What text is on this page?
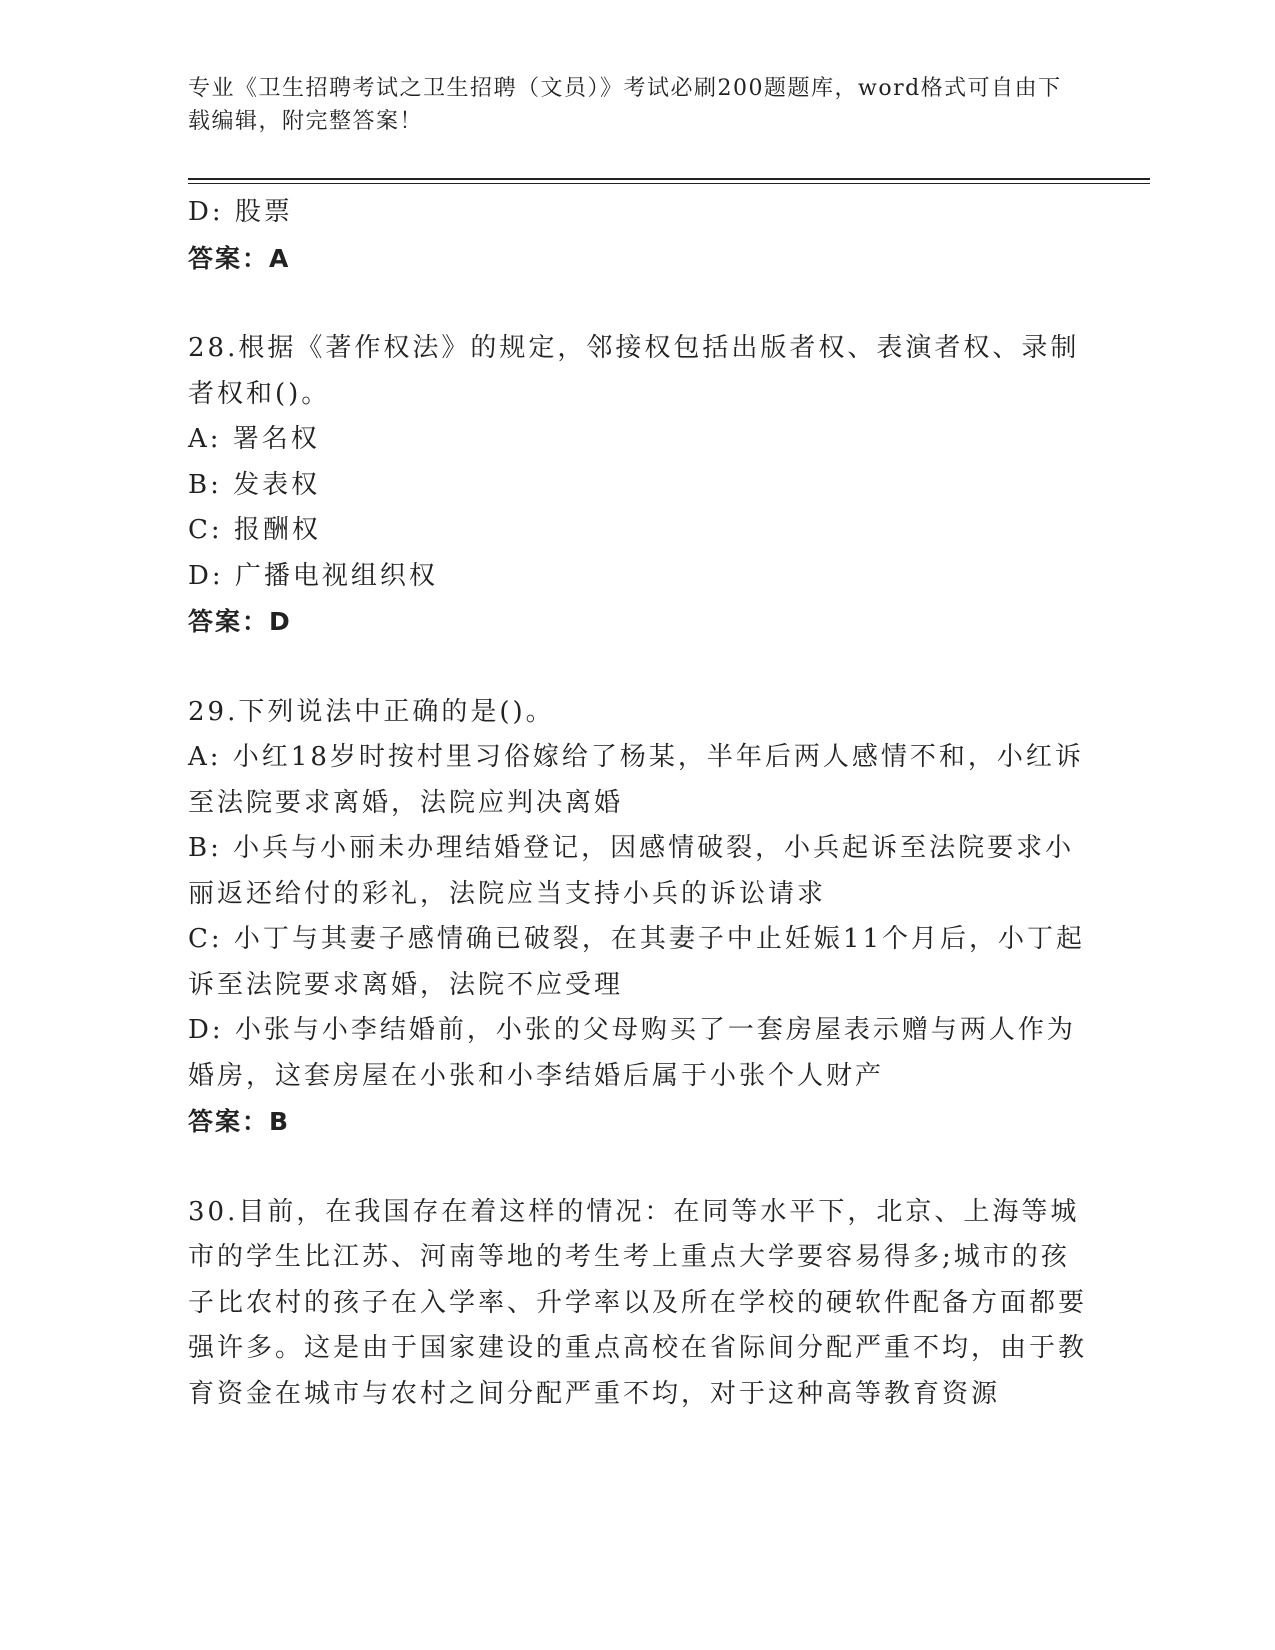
专业《卫生招聘考试之卫生招聘（文员）》考试必刷200题题库，word格式可自由下载编辑，附完整答案！
D: 股票
答案：A
28.根据《著作权法》的规定，邻接权包括出版者权、表演者权、录制者权和()。
A: 署名权
B: 发表权
C: 报酬权
D: 广播电视组织权
答案：D
29.下列说法中正确的是()。
A: 小红18岁时按村里习俗嫁给了杨某，半年后两人感情不和，小红诉至法院要求离婚，法院应判决离婚
B: 小兵与小丽未办理结婚登记，因感情破裂，小兵起诉至法院要求小丽返还给付的彩礼，法院应当支持小兵的诉讼请求
C: 小丁与其妻子感情确已破裂，在其妻子中止妊娠11个月后，小丁起诉至法院要求离婚，法院不应受理
D: 小张与小李结婚前，小张的父母购买了一套房屋表示赠与两人作为婚房，这套房屋在小张和小李结婚后属于小张个人财产
答案：B
30.目前，在我国存在着这样的情况：在同等水平下，北京、上海等城市的学生比江苏、河南等地的考生考上重点大学要容易得多;城市的孩子比农村的孩子在入学率、升学率以及所在学校的硬软件配备方面都要强许多。这是由于国家建设的重点高校在省际间分配严重不均，由于教育资金在城市与农村之间分配严重不均，对于这种高等教育资源
